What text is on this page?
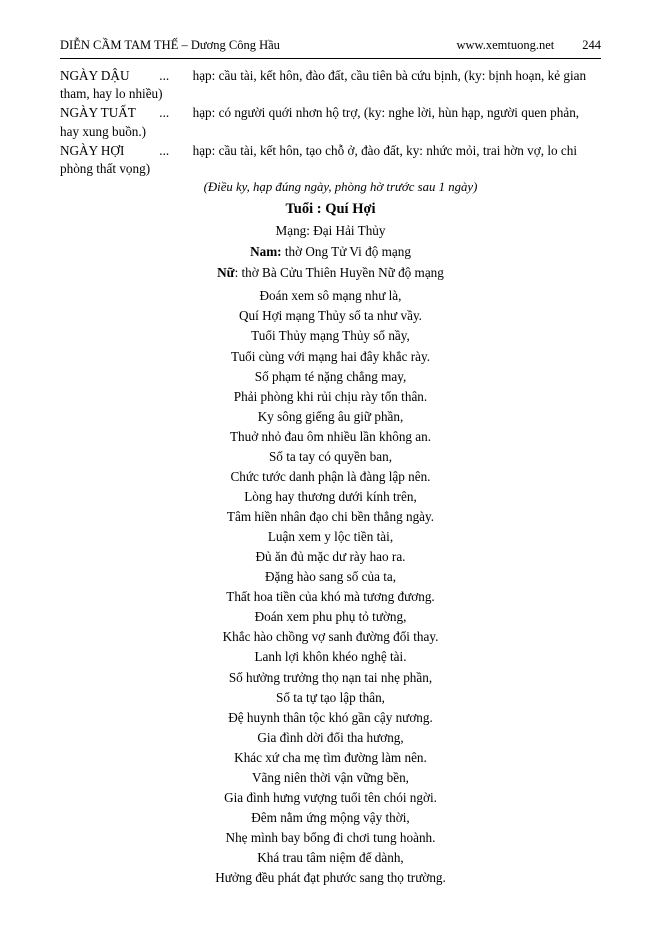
DIỄN CẦM TAM THẾ – Dương Công Hầu	www.xemtuong.net	244

NGÀY DẬU ... hạp: cầu tài, kết hôn, đào đất, cầu tiên bà cứu bịnh, (ky: bịnh hoạn, kẻ gian tham, hay lo nhiều)

NGÀY TUẤT ... hạp: có người quới nhơn hộ trợ, (ky: nghe lời, hùn hạp, người quen phản, hay xung buồn.)

NGÀY HỢI	... hạp: cầu tài, kết hôn, tạo chỗ ở, đào đất, ky: nhức mỏi, trai hờn vợ, lo chi phòng thất vọng)

(Điều ky, hạp đúng ngày, phòng hờ trước sau 1 ngày)
Tuổi : Quí Hợi
Mạng: Đại Hải Thủy
Nam: thờ Ong Tử Vi độ mạng
Nữ: thờ Bà Cửu Thiên Huyền Nữ độ mạng
Đoán xem sô mạng như là,
Quí Hợi mạng Thủy số ta như vầy.
Tuổi Thủy mạng Thủy số nầy,
Tuổi cùng với mạng hai đây khắc rày.
Số phạm té nặng chẳng may,
Phải phòng khi rủi chịu rày tổn thân.
Ky sông giếng âu giữ phần,
Thuở nhỏ đau ôm nhiều lần không an.
Số ta tay có quyền ban,
Chức tước danh phận là đàng lập nên.
Lòng hay thương dưới kính trên,
Tâm hiền nhân đạo chi bền thẳng ngày.
Luận xem y lộc tiền tài,
Đủ ăn đủ mặc dư rày hao ra.
Đặng hào sang số của ta,
Thất hoa tiền của khó mà tương đương.
Đoán xem phu phụ tỏ tường,
Khắc hào chồng vợ sanh đường đổi thay.
Lanh lợi khôn khéo nghệ tài.
Số hưởng trưởng thọ nạn tai nhẹ phần,
Số ta tự tạo lập thân,
Đệ huynh thân tộc khó gần cậy nương.
Gia đình dời đổi tha hương,
Khác xứ cha mẹ tìm đường làm nên.
Vãng niên thời vận vững bền,
Gia đình hưng vượng tuổi tên chói ngời.
Đêm nằm ứng mộng vậy thời,
Nhẹ mình bay bổng đi chơi tung hoành.
Khá trau tâm niệm để dành,
Hưởng đều phát đạt phước sang thọ trường.
